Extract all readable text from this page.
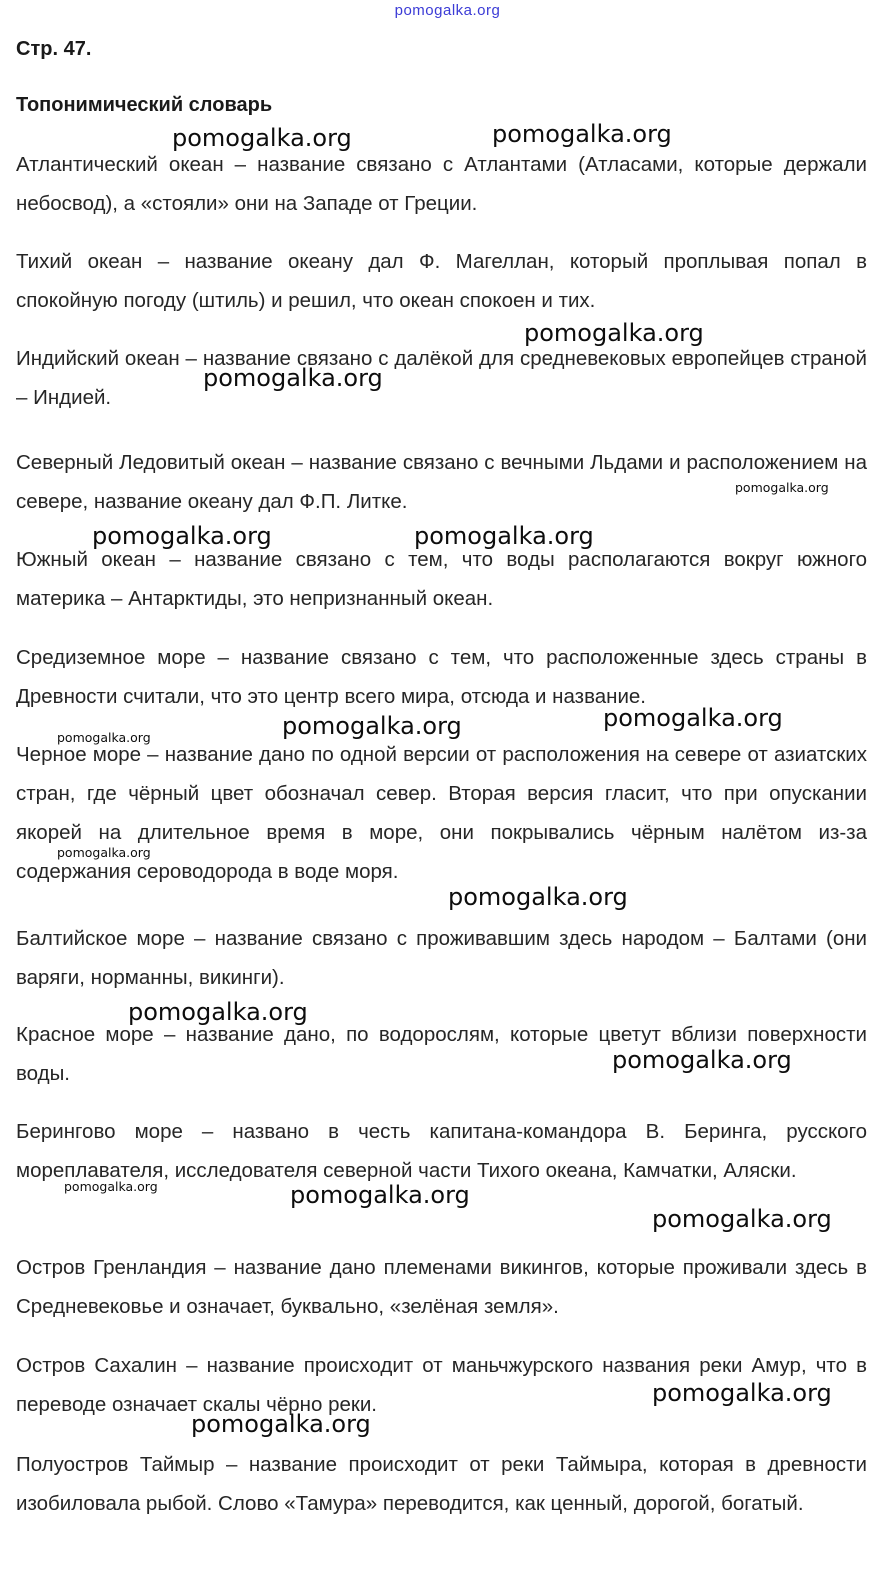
pomogalka.org
Стр. 47.
Топонимический словарь

Атлантический океан – название связано с Атлантами (Атласами, которые держали небосвод), а «стояли» они на Западе от Греции.

Тихий океан – название океану дал Ф. Магеллан, который проплывая попал в спокойную погоду (штиль) и решил, что океан спокоен и тих.

Индийский океан – название связано с далёкой для средневековых европейцев страной – Индией.

Северный Ледовитый океан – название связано с вечными Льдами и расположением на севере, название океану дал Ф.П. Литке.

Южный океан – название связано с тем, что воды располагаются вокруг южного материка – Антарктиды, это непризнанный океан.

Средиземное море – название связано с тем, что расположенные здесь страны в Древности считали, что это центр всего мира, отсюда и название.

Черное море – название дано по одной версии от расположения на севере от азиатских стран, где чёрный цвет обозначал север. Вторая версия гласит, что при опускании якорей на длительное время в море, они покрывались чёрным налётом из-за содержания сероводорода в воде моря.

Балтийское море – название связано с проживавшим здесь народом – Балтами (они варяги, норманны, викинги).

Красное море – название дано, по водорослям, которые цветут вблизи поверхности воды.

Берингово море – названо в честь капитана-командора В. Беринга, русского мореплавателя, исследователя северной части Тихого океана, Камчатки, Аляски.

Остров Гренландия – название дано племенами викингов, которые проживали здесь в Средневековье и означает, буквально, «зелёная земля».

Остров Сахалин – название происходит от маньчжурского названия реки Амур, что в переводе означает скалы чёрно реки.

Полуостров Таймыр – название происходит от реки Таймыра, которая в древности изобиловала рыбой. Слово «Тамура» переводится, как ценный, дорогой, богатый.

pomogalka.org	pomogalka.org
pomogalka.org
pomogalka.org
pomogalka.org
pomogalka.org	pomogalka.org
pomogalka.org	pomogalka.org	pomogalka.org
pomogalka.org
pomogalka.org
pomogalka.org
pomogalka.org
pomogalka.org	pomogalka.org
pomogalka.org
pomogalka.org
pomogalka.org
